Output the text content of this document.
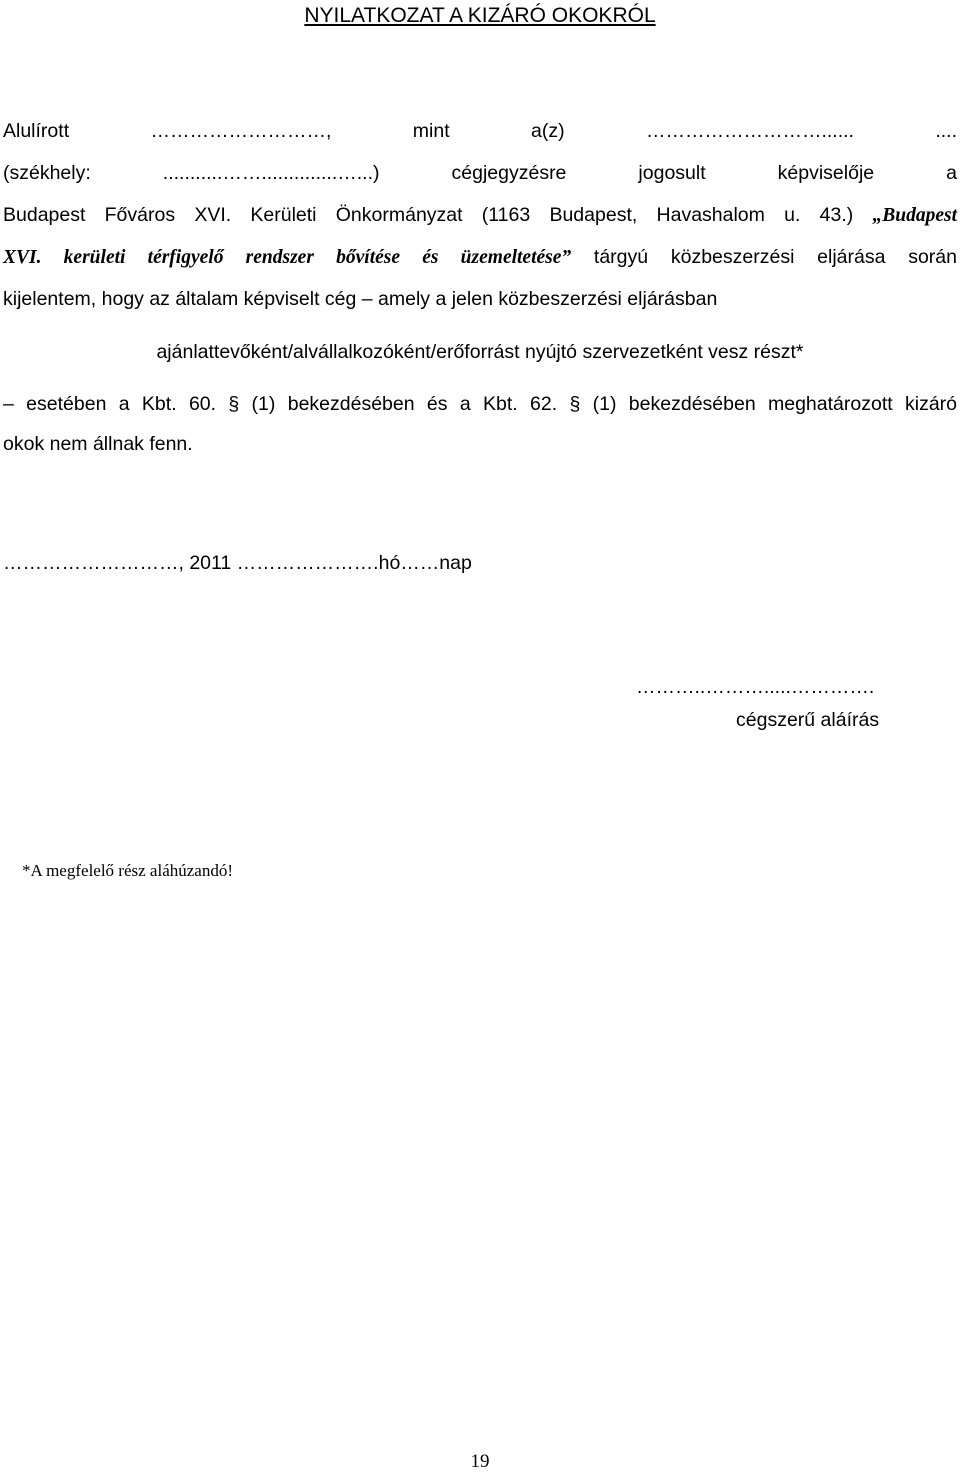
NYILATKOZAT A KIZÁRÓ OKOKRÓL
Alulírott ………………………, mint a(z) ………………………...... ....
(székhely: ...........……..............…...) cégjegyzésre jogosult képviselője a
Budapest Főváros XVI. Kerületi Önkormányzat (1163 Budapest, Havashalom u. 43.) „Budapest
XVI. kerületi térfigyelő rendszer bővítése és üzemeltetése” tárgyú közbeszerzési eljárása során
kijelentem, hogy az általam képviselt cég – amely a jelen közbeszerzési eljárásban
ajánlattevőként/alvállalkozóként/erőforrást nyújtó szervezetként vesz részt*
– esetében a Kbt. 60. § (1) bekezdésében és a Kbt. 62. § (1) bekezdésében meghatározott kizáró
okok nem állnak fenn.
………………………, 2011 ………………….hó……nap
………..……….....………….
cégszerű aláírás
*A megfelelő rész aláhúzandó!
19
